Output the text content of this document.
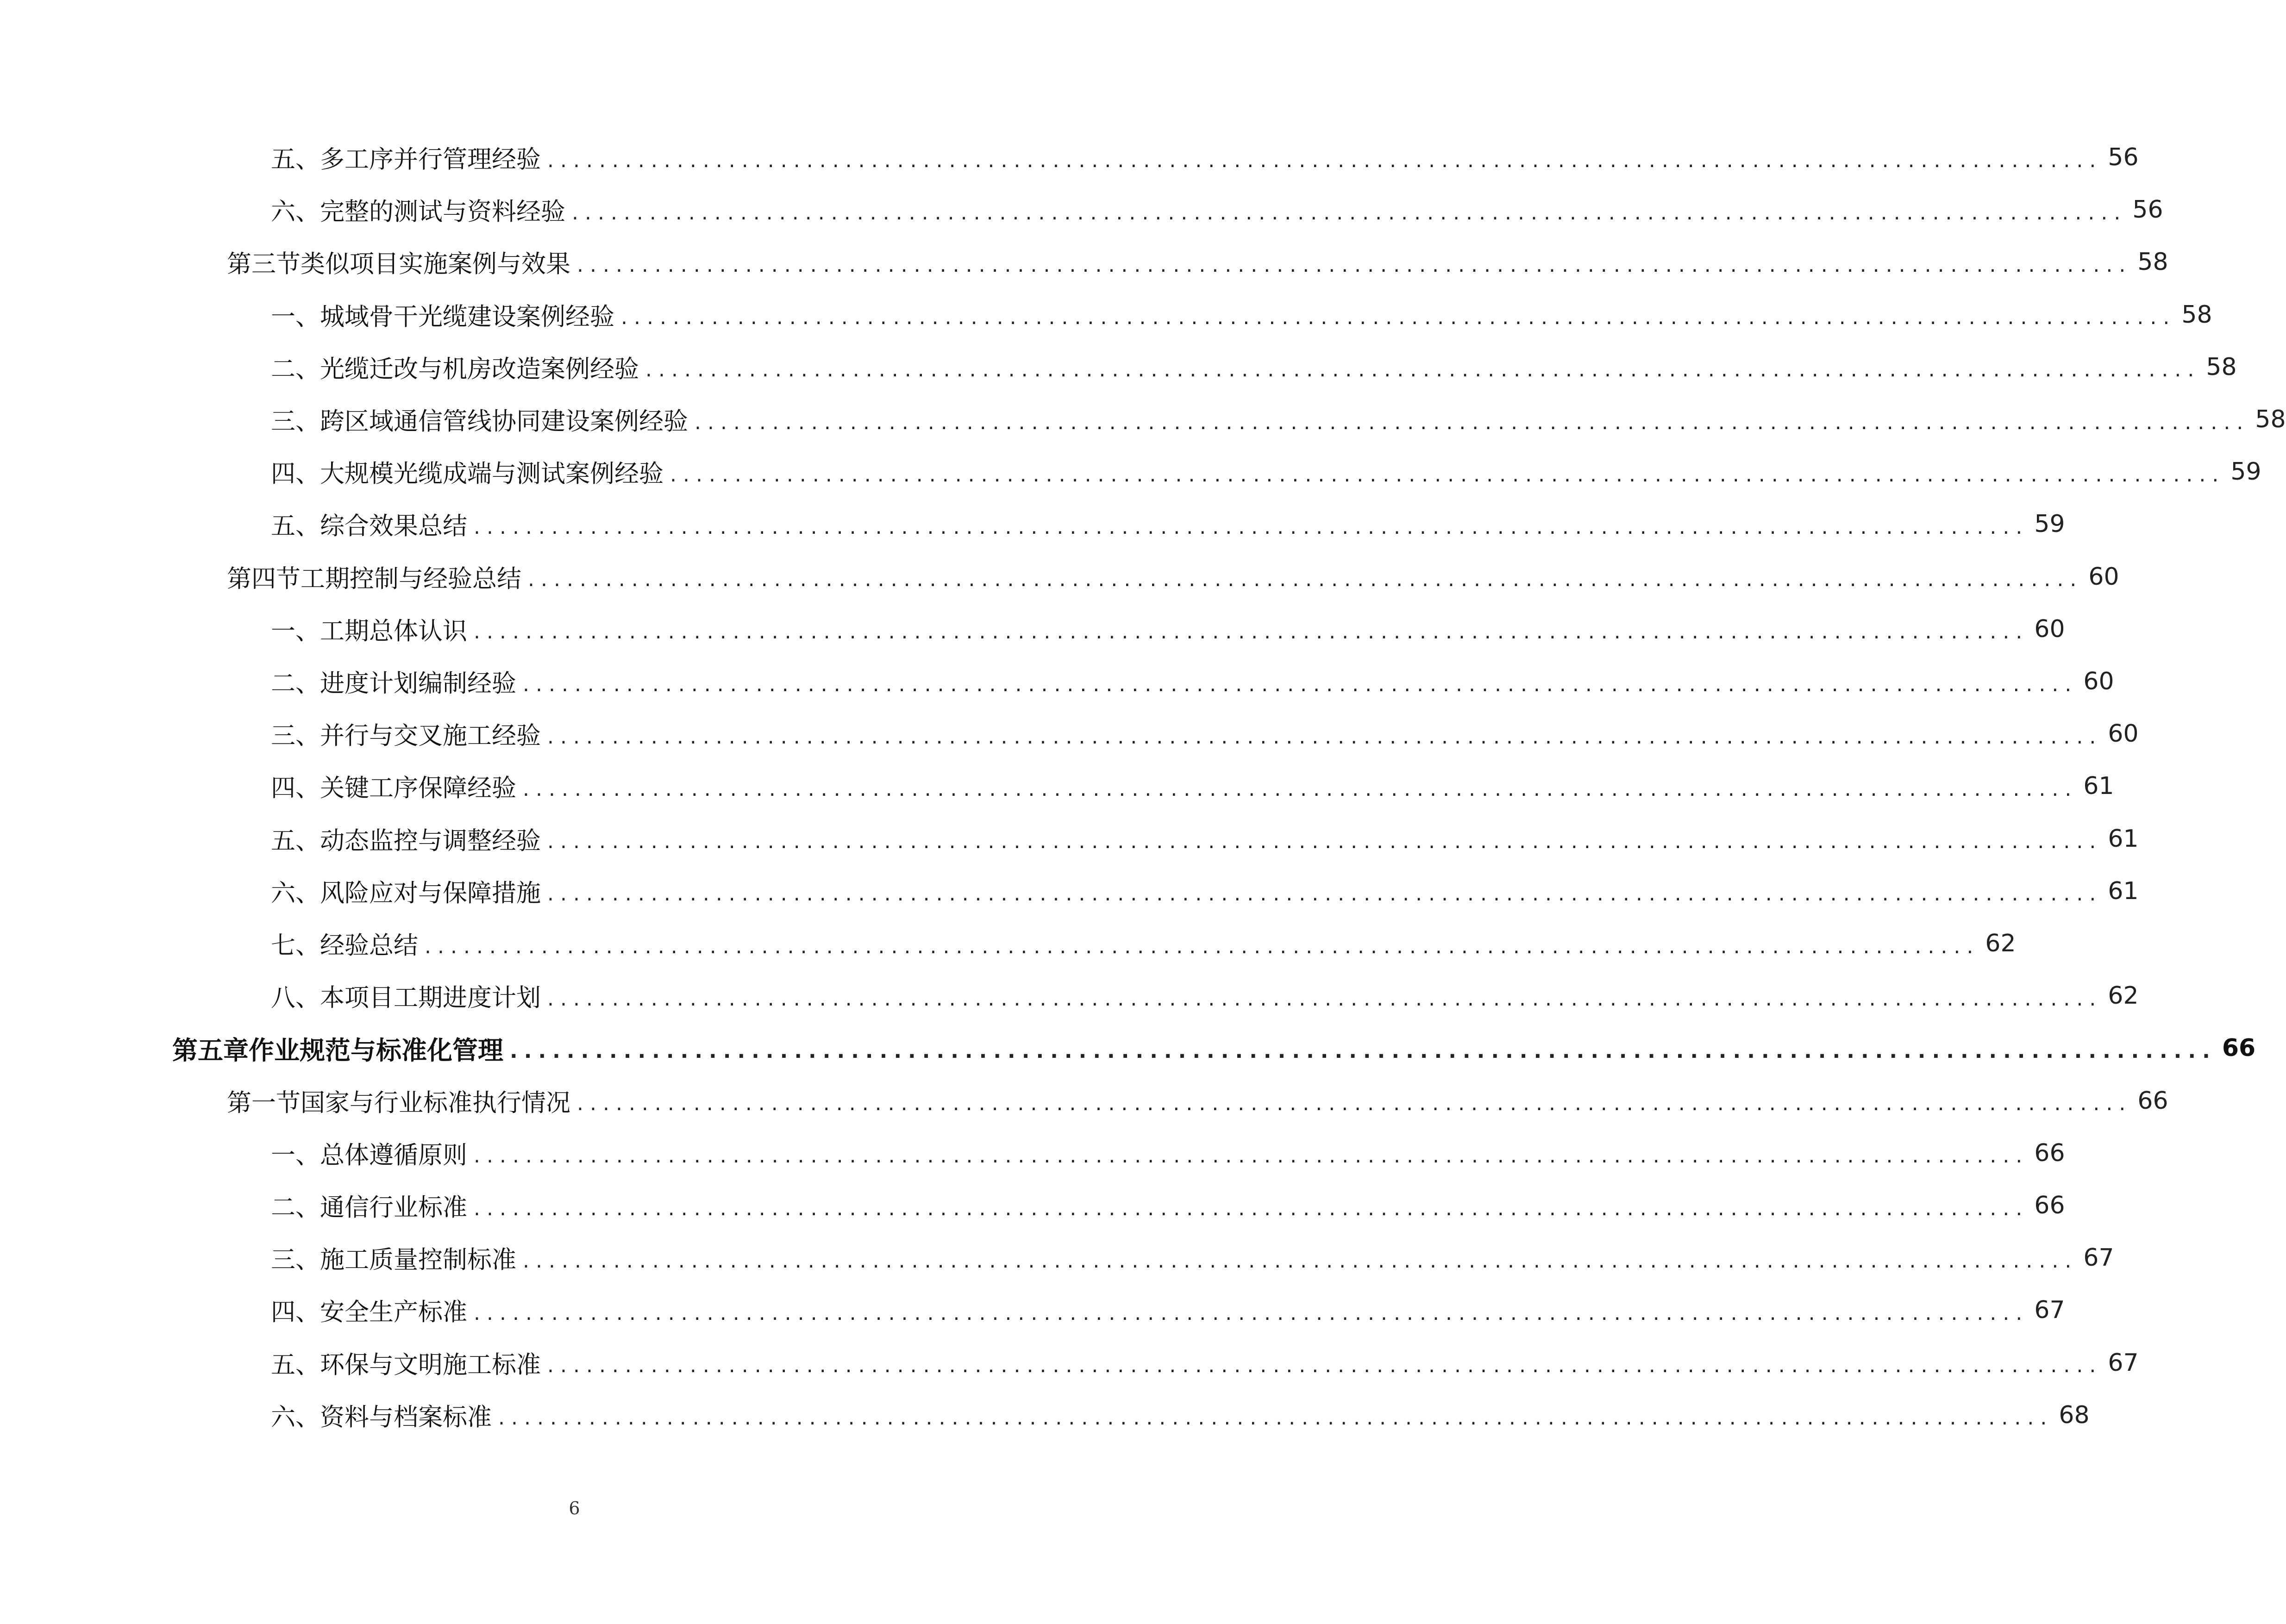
五、 多工序并行管理经验 ........................................................................................................................ 56
六、 完整的测试与资料经验 ........................................................................................................................ 56
第三节 类似项目实施案例与效果 ........................................................................................................................ 58
一、 城域骨干光缆建设案例经验 ........................................................................................................................ 58
二、 光缆迁改与机房改造案例经验 ........................................................................................................................ 58
三、 跨区域通信管线协同建设案例经验 ........................................................................................................................ 58
四、 大规模光缆成端与测试案例经验 ........................................................................................................................ 59
五、 综合效果总结 ........................................................................................................................ 59
第四节 工期控制与经验总结 ........................................................................................................................ 60
一、 工期总体认识 ........................................................................................................................ 60
二、 进度计划编制经验 ........................................................................................................................ 60
三、 并行与交叉施工经验 ........................................................................................................................ 60
四、 关键工序保障经验 ........................................................................................................................ 61
五、 动态监控与调整经验 ........................................................................................................................ 61
六、 风险应对与保障措施 ........................................................................................................................ 61
七、 经验总结 ........................................................................................................................ 62
八、 本项目工期进度计划 ........................................................................................................................ 62
第五章 作业规范与标准化管理 ........................................................................................................................ 66
第一节 国家与行业标准执行情况 ........................................................................................................................ 66
一、 总体遵循原则 ........................................................................................................................ 66
二、 通信行业标准 ........................................................................................................................ 66
三、 施工质量控制标准 ........................................................................................................................ 67
四、 安全生产标准 ........................................................................................................................ 67
五、 环保与文明施工标准 ........................................................................................................................ 67
六、 资料与档案标准 ........................................................................................................................ 68
6
